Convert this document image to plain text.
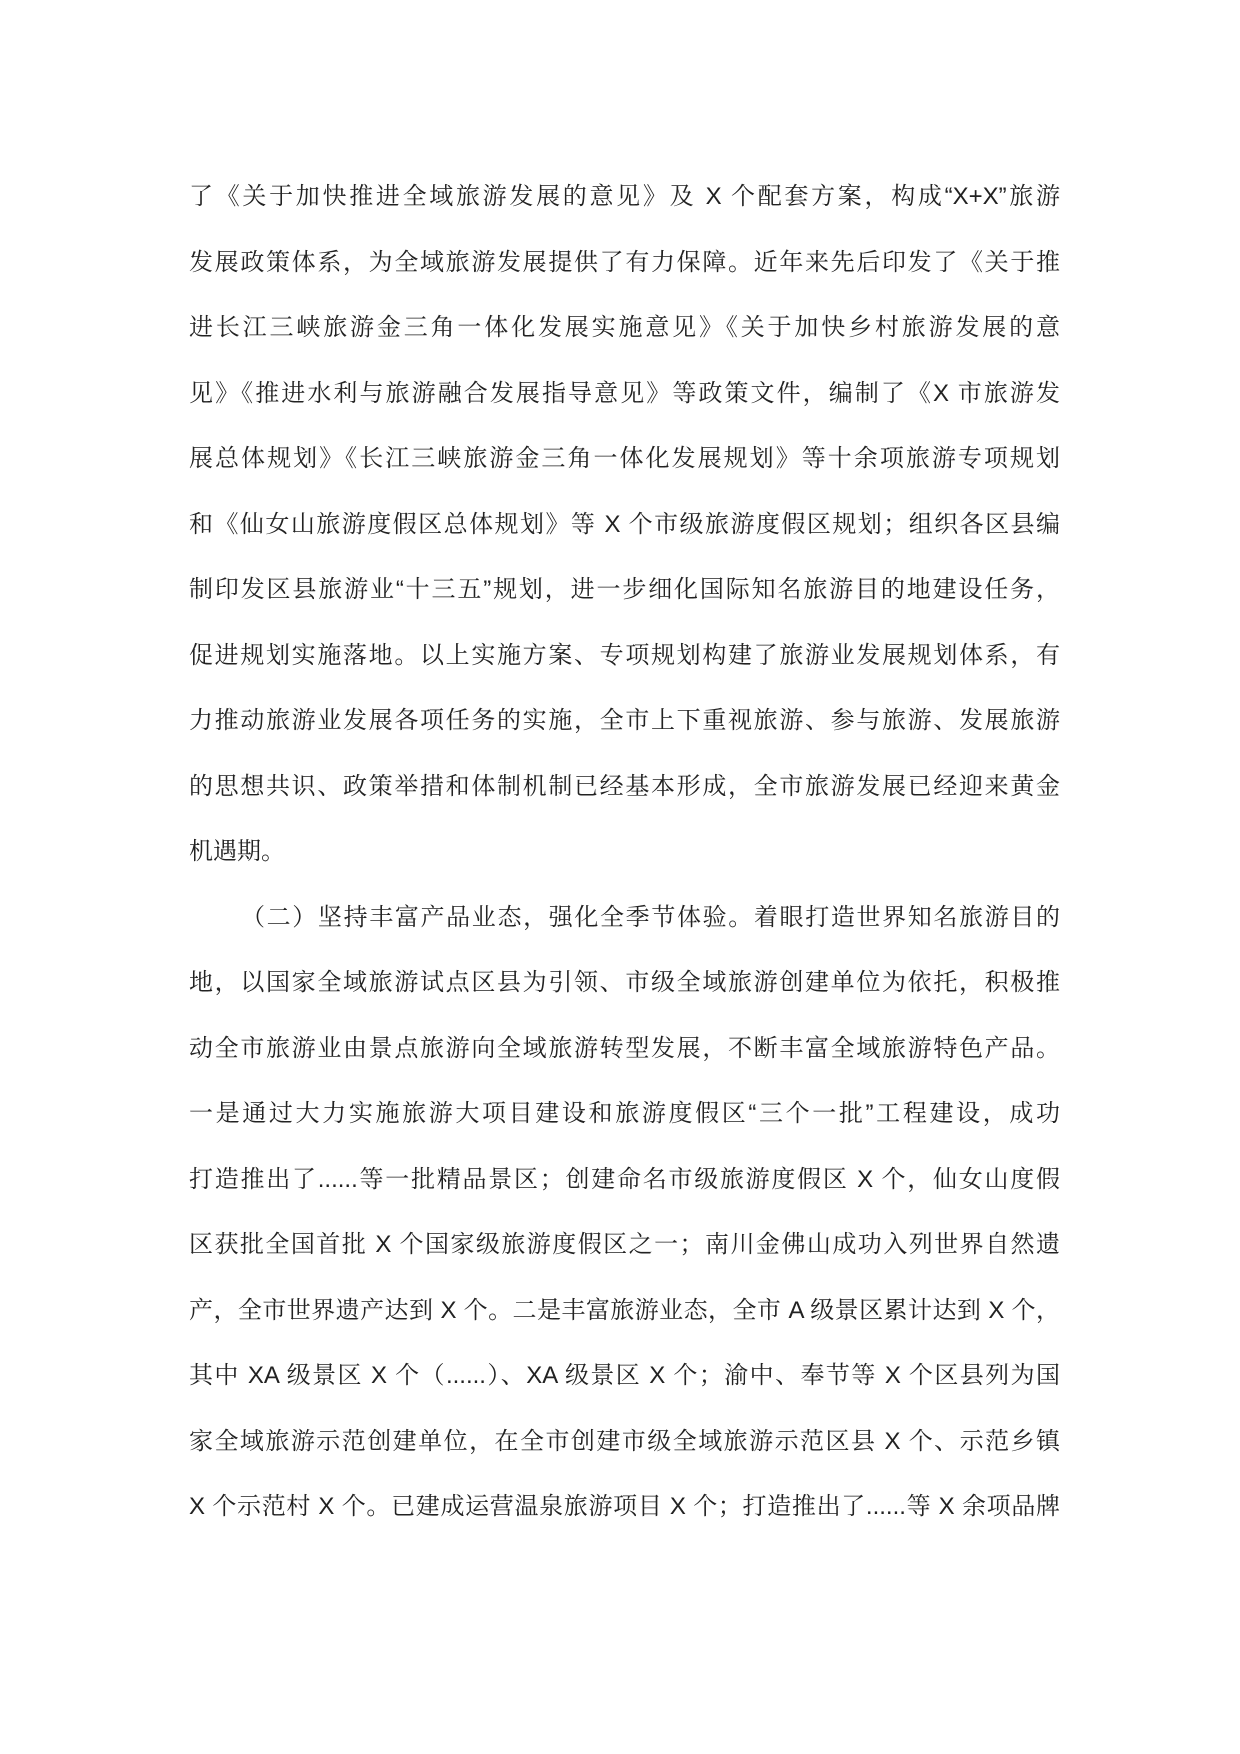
了《关于加快推进全域旅游发展的意见》及 X 个配套方案，构成“X+X”旅游
发展政策体系，为全域旅游发展提供了有力保障。近年来先后印发了《关于推
进长江三峡旅游金三角一体化发展实施意见》《关于加快乡村旅游发展的意
见》《推进水利与旅游融合发展指导意见》等政策文件，编制了《X 市旅游发
展总体规划》《长江三峡旅游金三角一体化发展规划》等十余项旅游专项规划
和《仙女山旅游度假区总体规划》等 X 个市级旅游度假区规划；组织各区县编
制印发区县旅游业“十三五”规划，进一步细化国际知名旅游目的地建设任务，
促进规划实施落地。以上实施方案、专项规划构建了旅游业发展规划体系，有
力推动旅游业发展各项任务的实施，全市上下重视旅游、参与旅游、发展旅游
的思想共识、政策举措和体制机制已经基本形成，全市旅游发展已经迎来黄金
机遇期。
（二）坚持丰富产品业态，强化全季节体验。着眼打造世界知名旅游目的
地，以国家全域旅游试点区县为引领、市级全域旅游创建单位为依托，积极推
动全市旅游业由景点旅游向全域旅游转型发展，不断丰富全域旅游特色产品。
一是通过大力实施旅游大项目建设和旅游度假区“三个一批”工程建设，成功
打造推出了......等一批精品景区；创建命名市级旅游度假区 X 个，仙女山度假
区获批全国首批 X 个国家级旅游度假区之一；南川金佛山成功入列世界自然遗
产，全市世界遗产达到 X 个。二是丰富旅游业态，全市 A 级景区累计达到 X 个，
其中 XA 级景区 X 个（......）、XA 级景区 X 个；渝中、奉节等 X 个区县列为国
家全域旅游示范创建单位，在全市创建市级全域旅游示范区县 X 个、示范乡镇
X 个示范村 X 个。已建成运营温泉旅游项目 X 个；打造推出了......等 X 余项品牌
